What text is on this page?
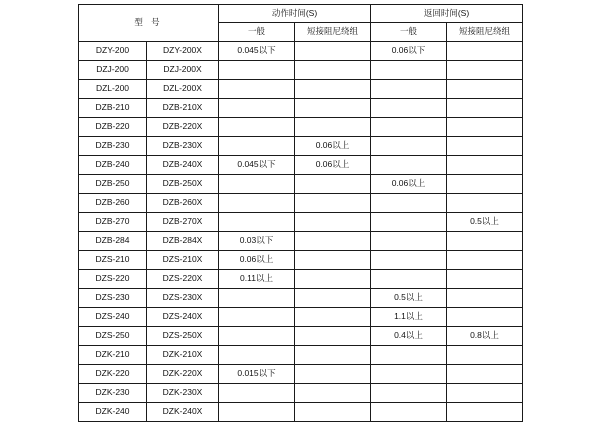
型 号		动作时间(S)		返回时间(S)	
		一般	短接阻尼绕组	一般	短接阻尼绕组
DZY-200	DZY-200X	0.045以下		0.06以下	
DZJ-200	DZJ-200X				
DZL-200	DZL-200X				
DZB-210	DZB-210X				
DZB-220	DZB-220X				
DZB-230	DZB-230X		0.06以上		
DZB-240	DZB-240X	0.045以下	0.06以上		
DZB-250	DZB-250X			0.06以上	
DZB-260	DZB-260X				
DZB-270	DZB-270X				0.5以上
DZB-284	DZB-284X	0.03以下			
DZS-210	DZS-210X	0.06以上			
DZS-220	DZS-220X	0.11以上			
DZS-230	DZS-230X			0.5以上	
DZS-240	DZS-240X			1.1以上	
DZS-250	DZS-250X			0.4以上	0.8以上
DZK-210	DZK-210X				
DZK-220	DZK-220X	0.015以下			
DZK-230	DZK-230X				
DZK-240	DZK-240X				
